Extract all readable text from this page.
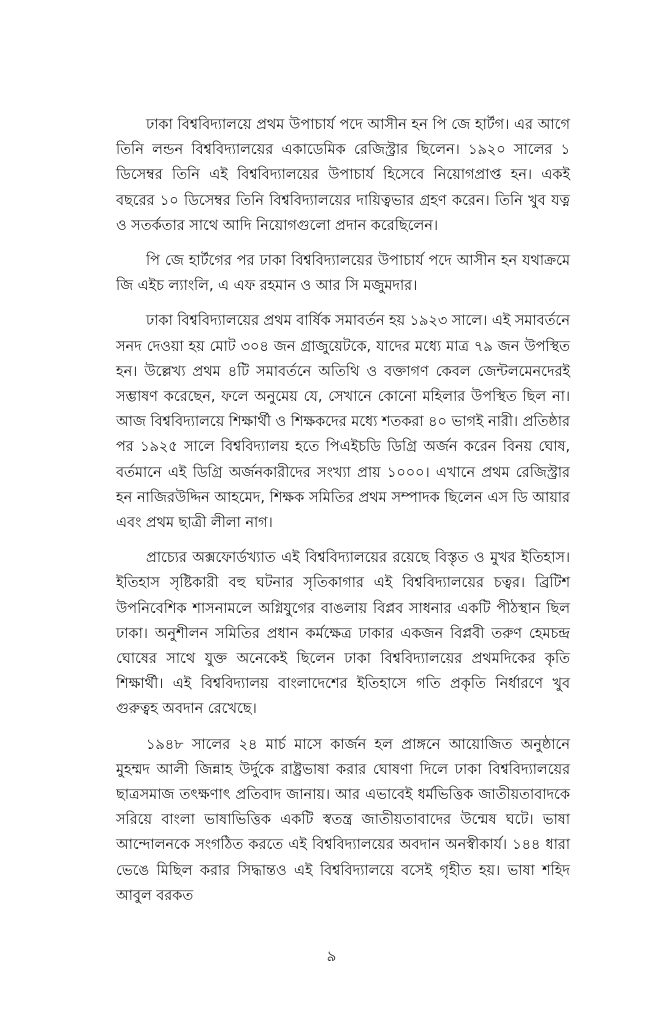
ঢাকা বিশ্ববিদ্যালয়ে প্রথম উপাচার্য পদে আসীন হন পি জে হার্টগ। এর আগে তিনি লন্ডন বিশ্ববিদ্যালয়ের একাডেমিক রেজিস্ট্রার ছিলেন। ১৯২০ সালের ১ ডিসেম্বর তিনি এই বিশ্ববিদ্যালয়ের উপাচার্য হিসেবে নিয়োগপ্রাপ্ত হন। একই বছরের ১০ ডিসেম্বর তিনি বিশ্ববিদ্যালয়ের দায়িত্বভার গ্রহণ করেন। তিনি খুব যত্ন ও সতর্কতার সাথে আদি নিয়োগগুলো প্রদান করেছিলেন।

পি জে হার্টগের পর ঢাকা বিশ্ববিদ্যালয়ের উপাচার্য পদে আসীন হন যথাক্রমে জি এইচ ল্যাংলি, এ এফ রহমান ও আর সি মজুমদার।

ঢাকা বিশ্ববিদ্যালয়ের প্রথম বার্ষিক সমাবর্তন হয় ১৯২৩ সালে। এই সমাবর্তনে সনদ দেওয়া হয় মোট ৩০৪ জন গ্রাজুয়েটকে, যাদের মধ্যে মাত্র ৭৯ জন উপস্থিত হন। উল্লেখ্য প্রথম ৪টি সমাবর্তনে অতিথি ও বক্তাগণ কেবল জেন্টলমেনদেরই সম্ভাষণ করেছেন, ফলে অনুমেয় যে, সেখানে কোনো মহিলার উপস্থিত ছিল না। আজ বিশ্ববিদ্যালয়ে শিক্ষার্থী ও শিক্ষকদের মধ্যে শতকরা ৪০ ভাগই নারী। প্রতিষ্ঠার পর ১৯২৫ সালে বিশ্ববিদ্যালয় হতে পিএইচডি ডিগ্রি অর্জন করেন বিনয় ঘোষ, বর্তমানে এই ডিগ্রি অর্জনকারীদের সংখ্যা প্রায় ১০০০। এখানে প্রথম রেজিস্ট্রার হন নাজিরউদ্দিন আহমেদ, শিক্ষক সমিতির প্রথম সম্পাদক ছিলেন এস ডি আয়ার এবং প্রথম ছাত্রী লীলা নাগ।

প্রাচ্যের অক্সফোর্ডখ্যাত এই বিশ্ববিদ্যালয়ের রয়েছে বিস্তৃত ও মুখর ইতিহাস। ইতিহাস সৃষ্টিকারী বহু ঘটনার সৃতিকাগার এই বিশ্ববিদ্যালয়ের চত্বর। ব্রিটিশ উপনিবেশিক শাসনামলে অগ্নিযুগের বাঙলায় বিপ্লব সাধনার একটি পীঠস্থান ছিল ঢাকা। অনুশীলন সমিতির প্রধান কর্মক্ষেত্র ঢাকার একজন বিপ্লবী তরুণ হেমচন্দ্র ঘোষের সাথে যুক্ত অনেকেই ছিলেন ঢাকা বিশ্ববিদ্যালয়ের প্রথমদিকের কৃতি শিক্ষার্থী। এই বিশ্ববিদ্যালয় বাংলাদেশের ইতিহাসে গতি প্রকৃতি নির্ধারণে খুব গুরুত্বহ অবদান রেখেছে।

১৯৪৮ সালের ২৪ মার্চ মাসে কার্জন হল প্রাঙ্গনে আয়োজিত অনুষ্ঠানে মুহম্মদ আলী জিন্নাহ উর্দুকে রাষ্ট্রভাষা করার ঘোষণা দিলে ঢাকা বিশ্ববিদ্যালয়ের ছাত্রসমাজ তৎক্ষণাৎ প্রতিবাদ জানায়। আর এভাবেই ধর্মভিত্তিক জাতীয়তাবাদকে সরিয়ে বাংলা ভাষাভিত্তিক একটি স্বতন্ত্র জাতীয়তাবাদের উন্মেষ ঘটে। ভাষা আন্দোলনকে সংগঠিত করতে এই বিশ্ববিদ্যালয়ের অবদান অনস্বীকার্য। ১৪৪ ধারা ভেঙে মিছিল করার সিদ্ধান্তও এই বিশ্ববিদ্যালয়ে বসেই গৃহীত হয়। ভাষা শহিদ আবুল বরকত

৯
